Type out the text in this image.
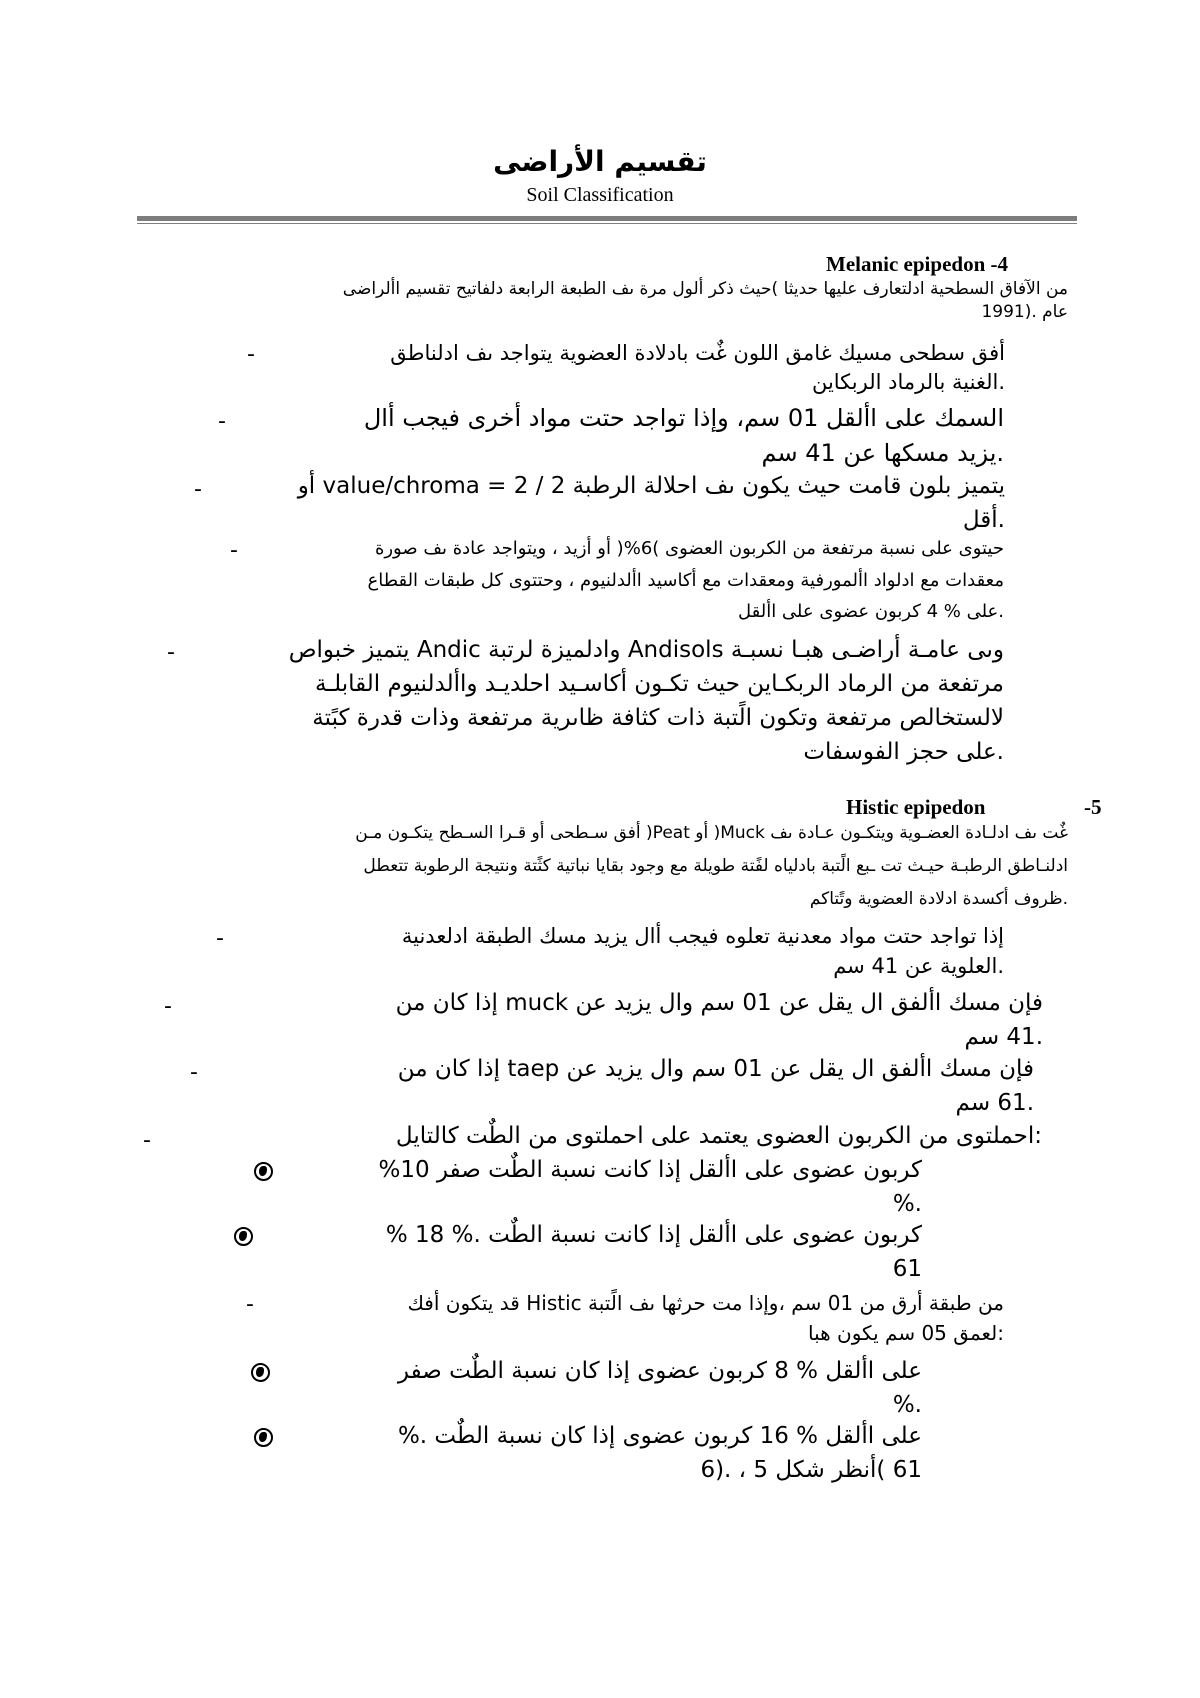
تقسيم الأراضى
Soil Classification
Melanic epipedon -4
من الآفاق السطحية ادلتعارف عليها حديثا )حيث ذكر ألول مرة ىف الطبعة الرابعة دلفاتيح تقسيم األراضى
عام .(1991
-	أفق سطحى مسيك غامق اللون غٌت بادلادة العضوية يتواجد ىف ادلناطق
.الغنية بالرماد الربكاين
-	السمك على األقل 01 سم، وإذا تواجد حتت مواد أخرى فيجب أال
.يزيد مسكها عن 41 سم
-	يتميز بلون قامت حيث يكون ىف احلالة الرطبة value/chroma = 2 / 2 أو
.أقل
-	حيتوى على نسبة مرتفعة من الكربون العضوى )6%( أو أزيد ، ويتواجد عادة ىف صورة
معقدات مع ادلواد األمورفية ومعقدات مع أكاسيد األدلنيوم ، وحتتوى كل طبقات القطاع
.على % 4 كربون عضوى على األقل
-	وىى عامـة أراضـى هبـا نسبـة Andisols وادلميزة لرتبة Andic يتميز خبواص
مرتفعة من الرماد الربكـاين حيث تكـون أكاسـيد احلديـد واألدلنيوم القابلـة
لالستخالص مرتفعة وتكون الًتبة ذات كثافة ظاىرية مرتفعة وذات قدرة كبًتة
.على حجز الفوسفات
Histic epipedon	-5
غٌت ىف ادلـادة العضـوية ويتكـون عـادة ىف Muck( أو Peat( أفق سـطحى أو قـرا السـطح يتكـون مـن
ادلنـاطق الرطبـة حيـث تت ـبع الًتبة بادلياه لفًتة طويلة مع وجود بقايا نباتية كثًتة ونتيجة الرطوبة تتعطل
.ظروف أكسدة ادلادة العضوية وتًتاكم
-	إذا تواجد حتت مواد معدنية تعلوه فيجب أال يزيد مسك الطبقة ادلعدنية
.العلوية عن 41 سم
-	فإن مسك األفق ال يقل عن 01 سم وال يزيد عن muck إذا كان من
.41 سم
-	فإن مسك األفق ال يقل عن 01 سم وال يزيد عن taep إذا كان من
.61 سم
-	:احملتوى من الكربون العضوى يعتمد على احملتوى من الطٌت كالتايل
كربون عضوى على األقل إذا كانت نسبة الطٌت صفر 10%
.%
كربون عضوى على األقل إذا كانت نسبة الطٌت .% 18 %
61
-	من طبقة أرق من 01 سم ،وإذا مت حرثها ىف الًتبة Histic قد يتكون أفك
:لعمق 05 سم يكون هبا
على األقل % 8 كربون عضوى إذا كان نسبة الطٌت صفر
.%
على األقل % 16 كربون عضوى إذا كان نسبة الطٌت .%
61 )أنظر شكل 5 ، .(6
